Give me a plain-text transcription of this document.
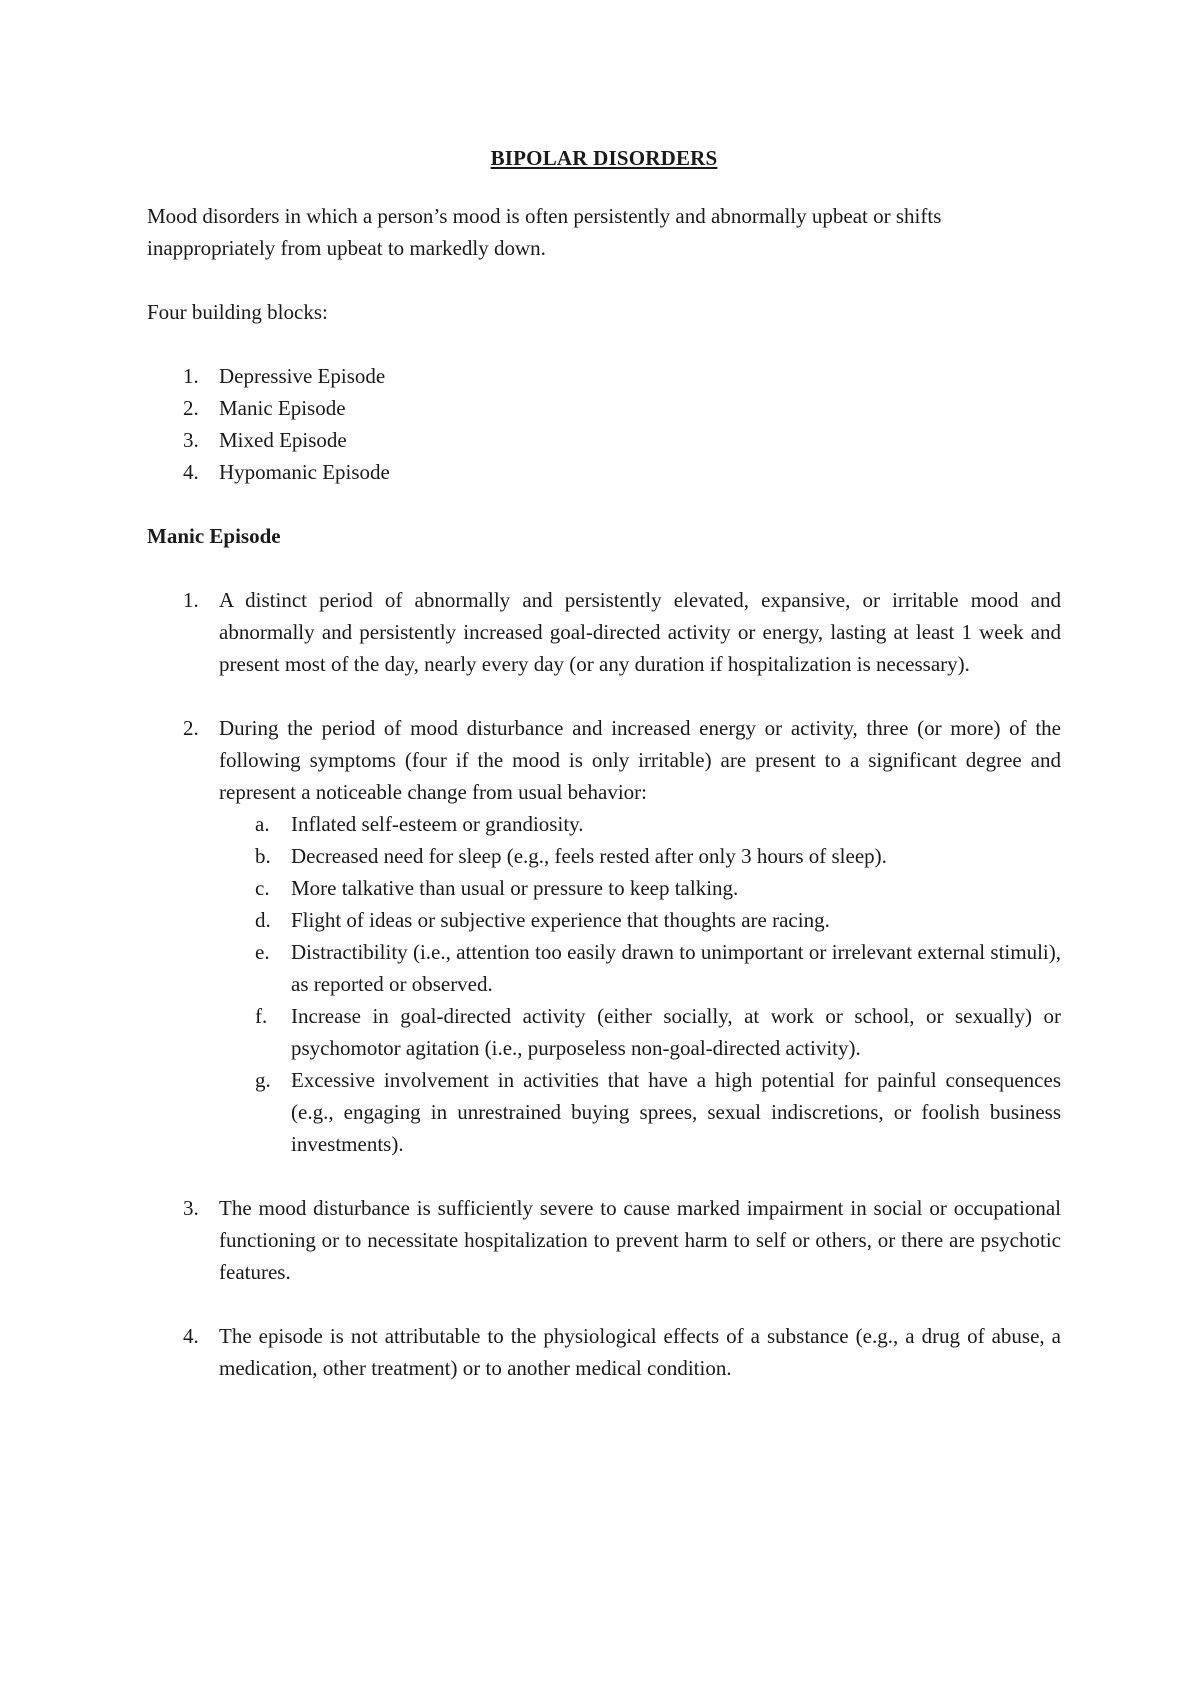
BIPOLAR DISORDERS

Mood disorders in which a person’s mood is often persistently and abnormally upbeat or shifts inappropriately from upbeat to markedly down.

Four building blocks:

1. Depressive Episode
2. Manic Episode
3. Mixed Episode
4. Hypomanic Episode
Manic Episode
1. A distinct period of abnormally and persistently elevated, expansive, or irritable mood and abnormally and persistently increased goal-directed activity or energy, lasting at least 1 week and present most of the day, nearly every day (or any duration if hospitalization is necessary).
2. During the period of mood disturbance and increased energy or activity, three (or more) of the following symptoms (four if the mood is only irritable) are present to a significant degree and represent a noticeable change from usual behavior:
a. Inflated self-esteem or grandiosity.
b. Decreased need for sleep (e.g., feels rested after only 3 hours of sleep).
c. More talkative than usual or pressure to keep talking.
d. Flight of ideas or subjective experience that thoughts are racing.
e. Distractibility (i.e., attention too easily drawn to unimportant or irrelevant external stimuli), as reported or observed.
f. Increase in goal-directed activity (either socially, at work or school, or sexually) or psychomotor agitation (i.e., purposeless non-goal-directed activity).
g. Excessive involvement in activities that have a high potential for painful consequences (e.g., engaging in unrestrained buying sprees, sexual indiscretions, or foolish business investments).
3. The mood disturbance is sufficiently severe to cause marked impairment in social or occupational functioning or to necessitate hospitalization to prevent harm to self or others, or there are psychotic features.
4. The episode is not attributable to the physiological effects of a substance (e.g., a drug of abuse, a medication, other treatment) or to another medical condition.
